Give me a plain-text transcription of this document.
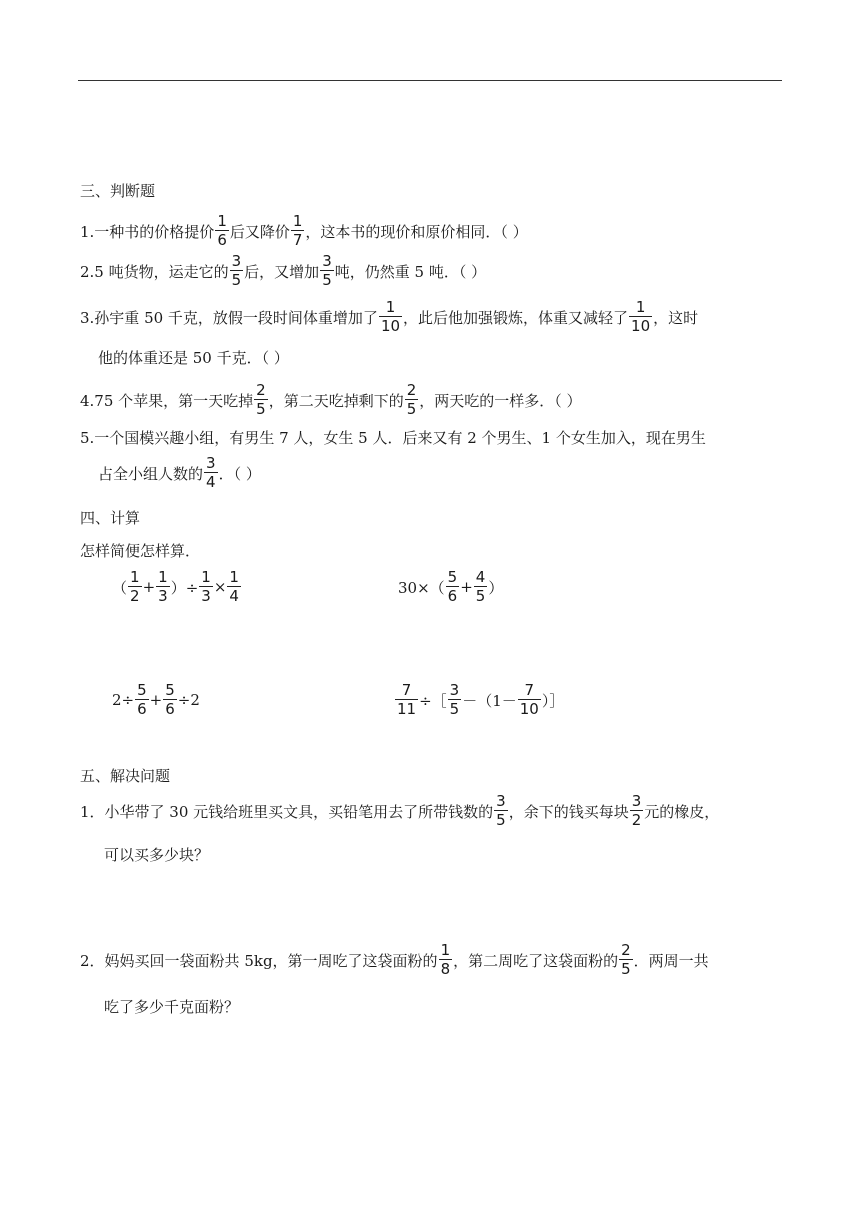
三、判断题
1.一种书的价格提价 $\frac{1}{6}$ 后又降价 $\frac{1}{7}$ ，这本书的现价和原价相同．（ ）
2.5 吨货物，运走它的 $\frac{3}{5}$ 后，又增加 $\frac{3}{5}$ 吨，仍然重 5 吨．（ ）
3.孙宇重 50 千克，放假一段时间体重增加了 $\frac{1}{10}$ ，此后他加强锻炼，体重又减轻了 $\frac{1}{10}$ ，这时
他的体重还是 50 千克．（ ）
4.75 个苹果，第一天吃掉 $\frac{2}{5}$ ，第二天吃掉剩下的 $\frac{2}{5}$ ，两天吃的一样多．（ ）
5.一个国模兴趣小组，有男生 7 人，女生 5 人．后来又有 2 个男生、1 个女生加入，现在男生
占全小组人数的 $\frac{3}{4}$ ．（ ）
四、计算
怎样简便怎样算．
（ $\frac{1}{2} + \frac{1}{3}$ ）÷ $\frac{1}{3} \times \frac{1}{4}$	$30\times( \frac{5}{6} + \frac{4}{5}$ ）
$2\div \frac{5}{6} + \frac{5}{6} \div 2$	$\frac{7}{11}$ ÷［ $\frac{3}{5} -(1- \frac{7}{10}$ ）］
五、解决问题
1．小华带了 30 元钱给班里买文具，买铅笔用去了所带钱数的 $\frac{3}{5}$ ，余下的钱买每块 $\frac{3}{2}$ 元的橡皮，
可以买多少块？
2．妈妈买回一袋面粉共 5kg，第一周吃了这袋面粉的 $\frac{1}{8}$ ，第二周吃了这袋面粉的 $\frac{2}{5}$ ．两周一共
吃了多少千克面粉？
